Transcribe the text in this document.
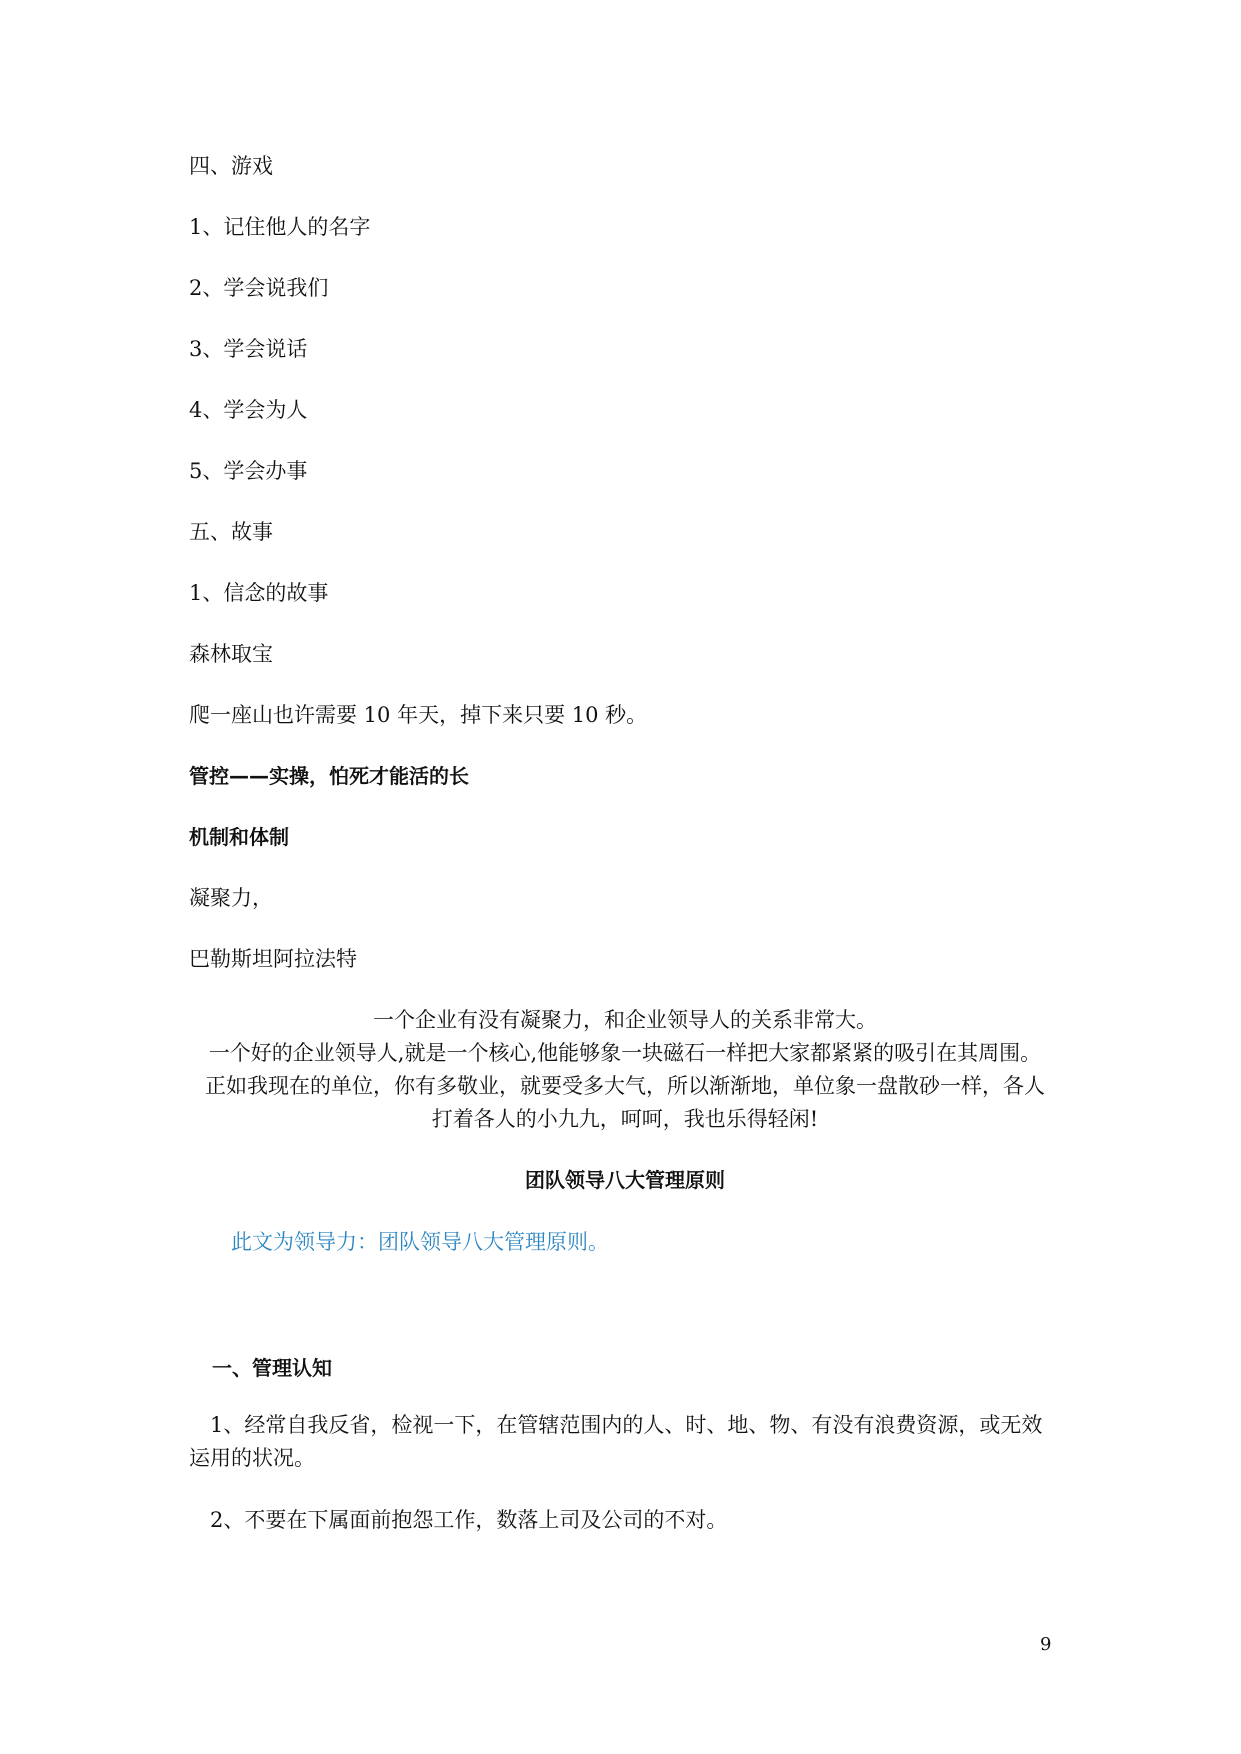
四、游戏
1、记住他人的名字
2、学会说我们
3、学会说话
4、学会为人
5、学会办事
五、故事
1、信念的故事
森林取宝
爬一座山也许需要 10 年天，掉下来只要 10 秒。
管控——实操，怕死才能活的长
机制和体制
凝聚力，
巴勒斯坦阿拉法特
一个企业有没有凝聚力，和企业领导人的关系非常大。
一个好的企业领导人,就是一个核心,他能够象一块磁石一样把大家都紧紧的吸引在其周围。
正如我现在的单位，你有多敬业，就要受多大气，所以渐渐地，单位象一盘散砂一样，各人
打着各人的小九九，呵呵，我也乐得轻闲!
团队领导八大管理原则
此文为领导力：团队领导八大管理原则。
一、管理认知
1、经常自我反省，检视一下，在管辖范围内的人、时、地、物、有没有浪费资源，或无效运用的状况。
2、不要在下属面前抱怨工作，数落上司及公司的不对。
9
